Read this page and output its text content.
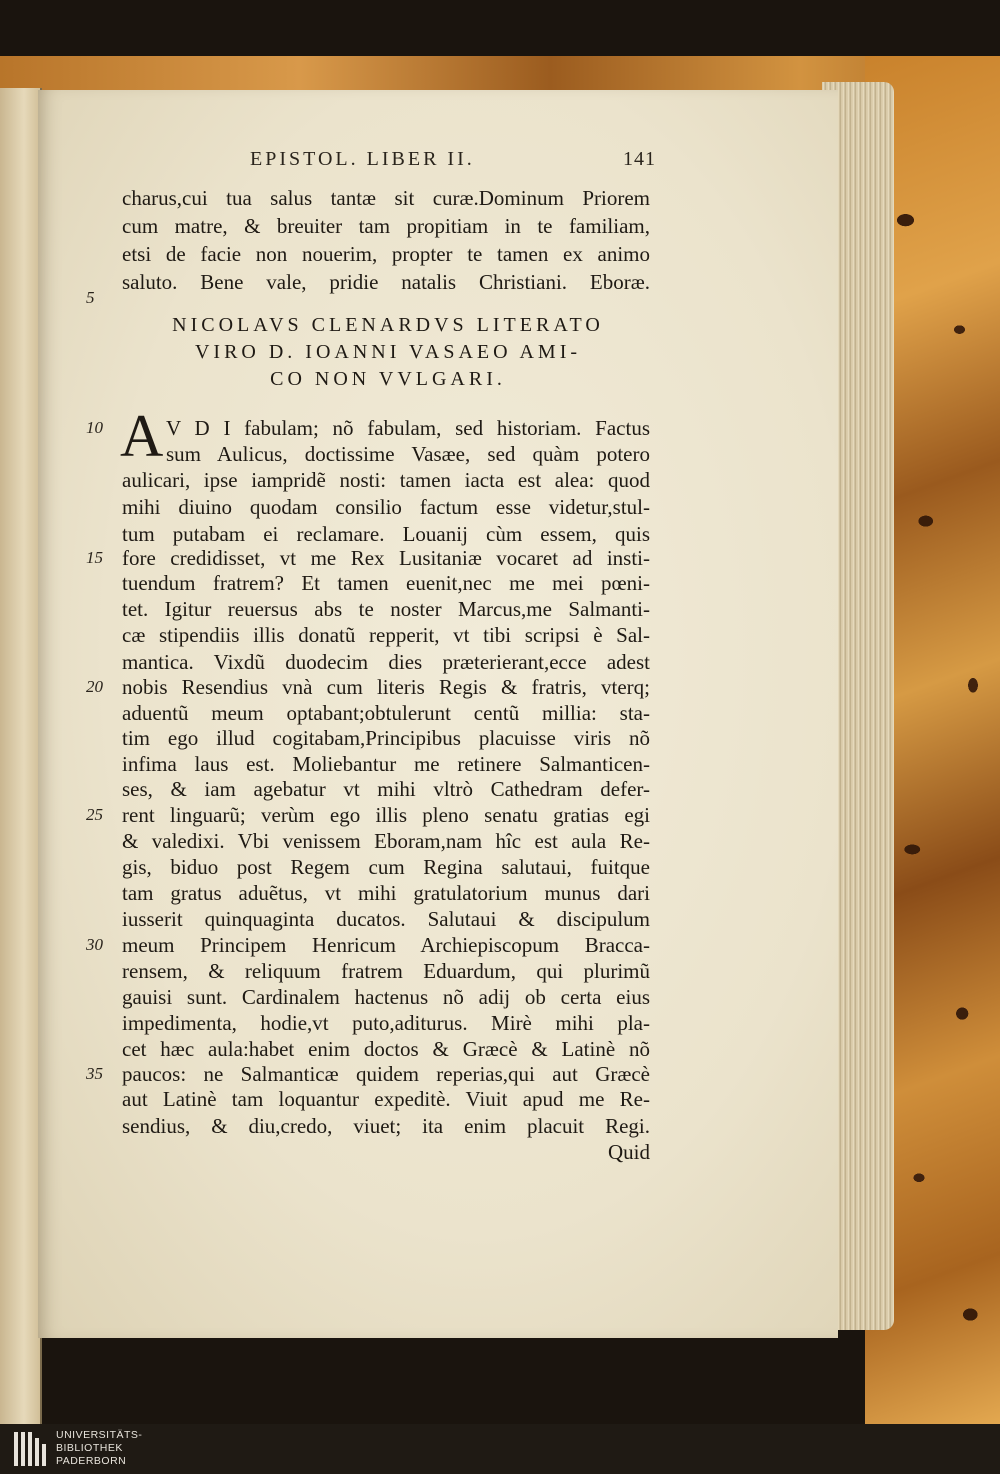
EPISTOL. LIBER II.	141
charus,cui tua salus tantæ sit curæ.Dominum Priorem
cum matre, & breuiter tam propitiam in te familiam,
etsi de facie non nouerim, propter te tamen ex animo
saluto. Bene vale, pridie natalis Christiani. Eboræ.
NICOLAVS CLENARDVS LITERATO
VIRO D. IOANNI VASAEO AMI-
CO NON VVLGARI.
A V D I fabulam; nõ fabulam, sed historiam. Factus
sum Aulicus, doctissime Vasæe, sed quàm potero
aulicari, ipse iampridẽ nosti: tamen iacta est alea: quod
mihi diuino quodam consilio factum esse videtur,stul-
tum putabam ei reclamare. Louanij cùm essem, quis
fore credidisset, vt me Rex Lusitaniæ vocaret ad insti-
tuendum fratrem? Et tamen euenit,nec me mei pœni-
tet. Igitur reuersus abs te noster Marcus,me Salmanti-
cæ stipendiis illis donatũ repperit, vt tibi scripsi è Sal-
mantica. Vixdũ duodecim dies præterierant,ecce adest
nobis Resendius vnà cum literis Regis & fratris, vterq;
aduentũ meum optabant;obtulerunt centũ millia: sta-
tim ego illud cogitabam,Principibus placuisse viris nõ
infima laus est. Moliebantur me retinere Salmanticen-
ses, & iam agebatur vt mihi vltrò Cathedram defer-
rent linguarũ; verùm ego illis pleno senatu gratias egi
& valedixi. Vbi venissem Eboram,nam hîc est aula Re-
gis, biduo post Regem cum Regina salutaui, fuitque
tam gratus aduẽtus, vt mihi gratulatorium munus dari
iusserit quinquaginta ducatos. Salutaui & discipulum
meum Principem Henricum Archiepiscopum Bracca-
rensem, & reliquum fratrem Eduardum, qui plurimũ
gauisi sunt. Cardinalem hactenus nõ adij ob certa eius
impedimenta, hodie,vt puto,aditurus. Mirè mihi pla-
cet hæc aula:habet enim doctos & Græcè & Latinè nõ
paucos: ne Salmanticæ quidem reperias,qui aut Græcè
aut Latinè tam loquantur expeditè. Viuit apud me Re-
sendius, & diu,credo, viuet; ita enim placuit Regi.
Quid
5
10
15
20
25
30
35
UNIVERSITÄTS-
BIBLIOTHEK
PADERBORN
